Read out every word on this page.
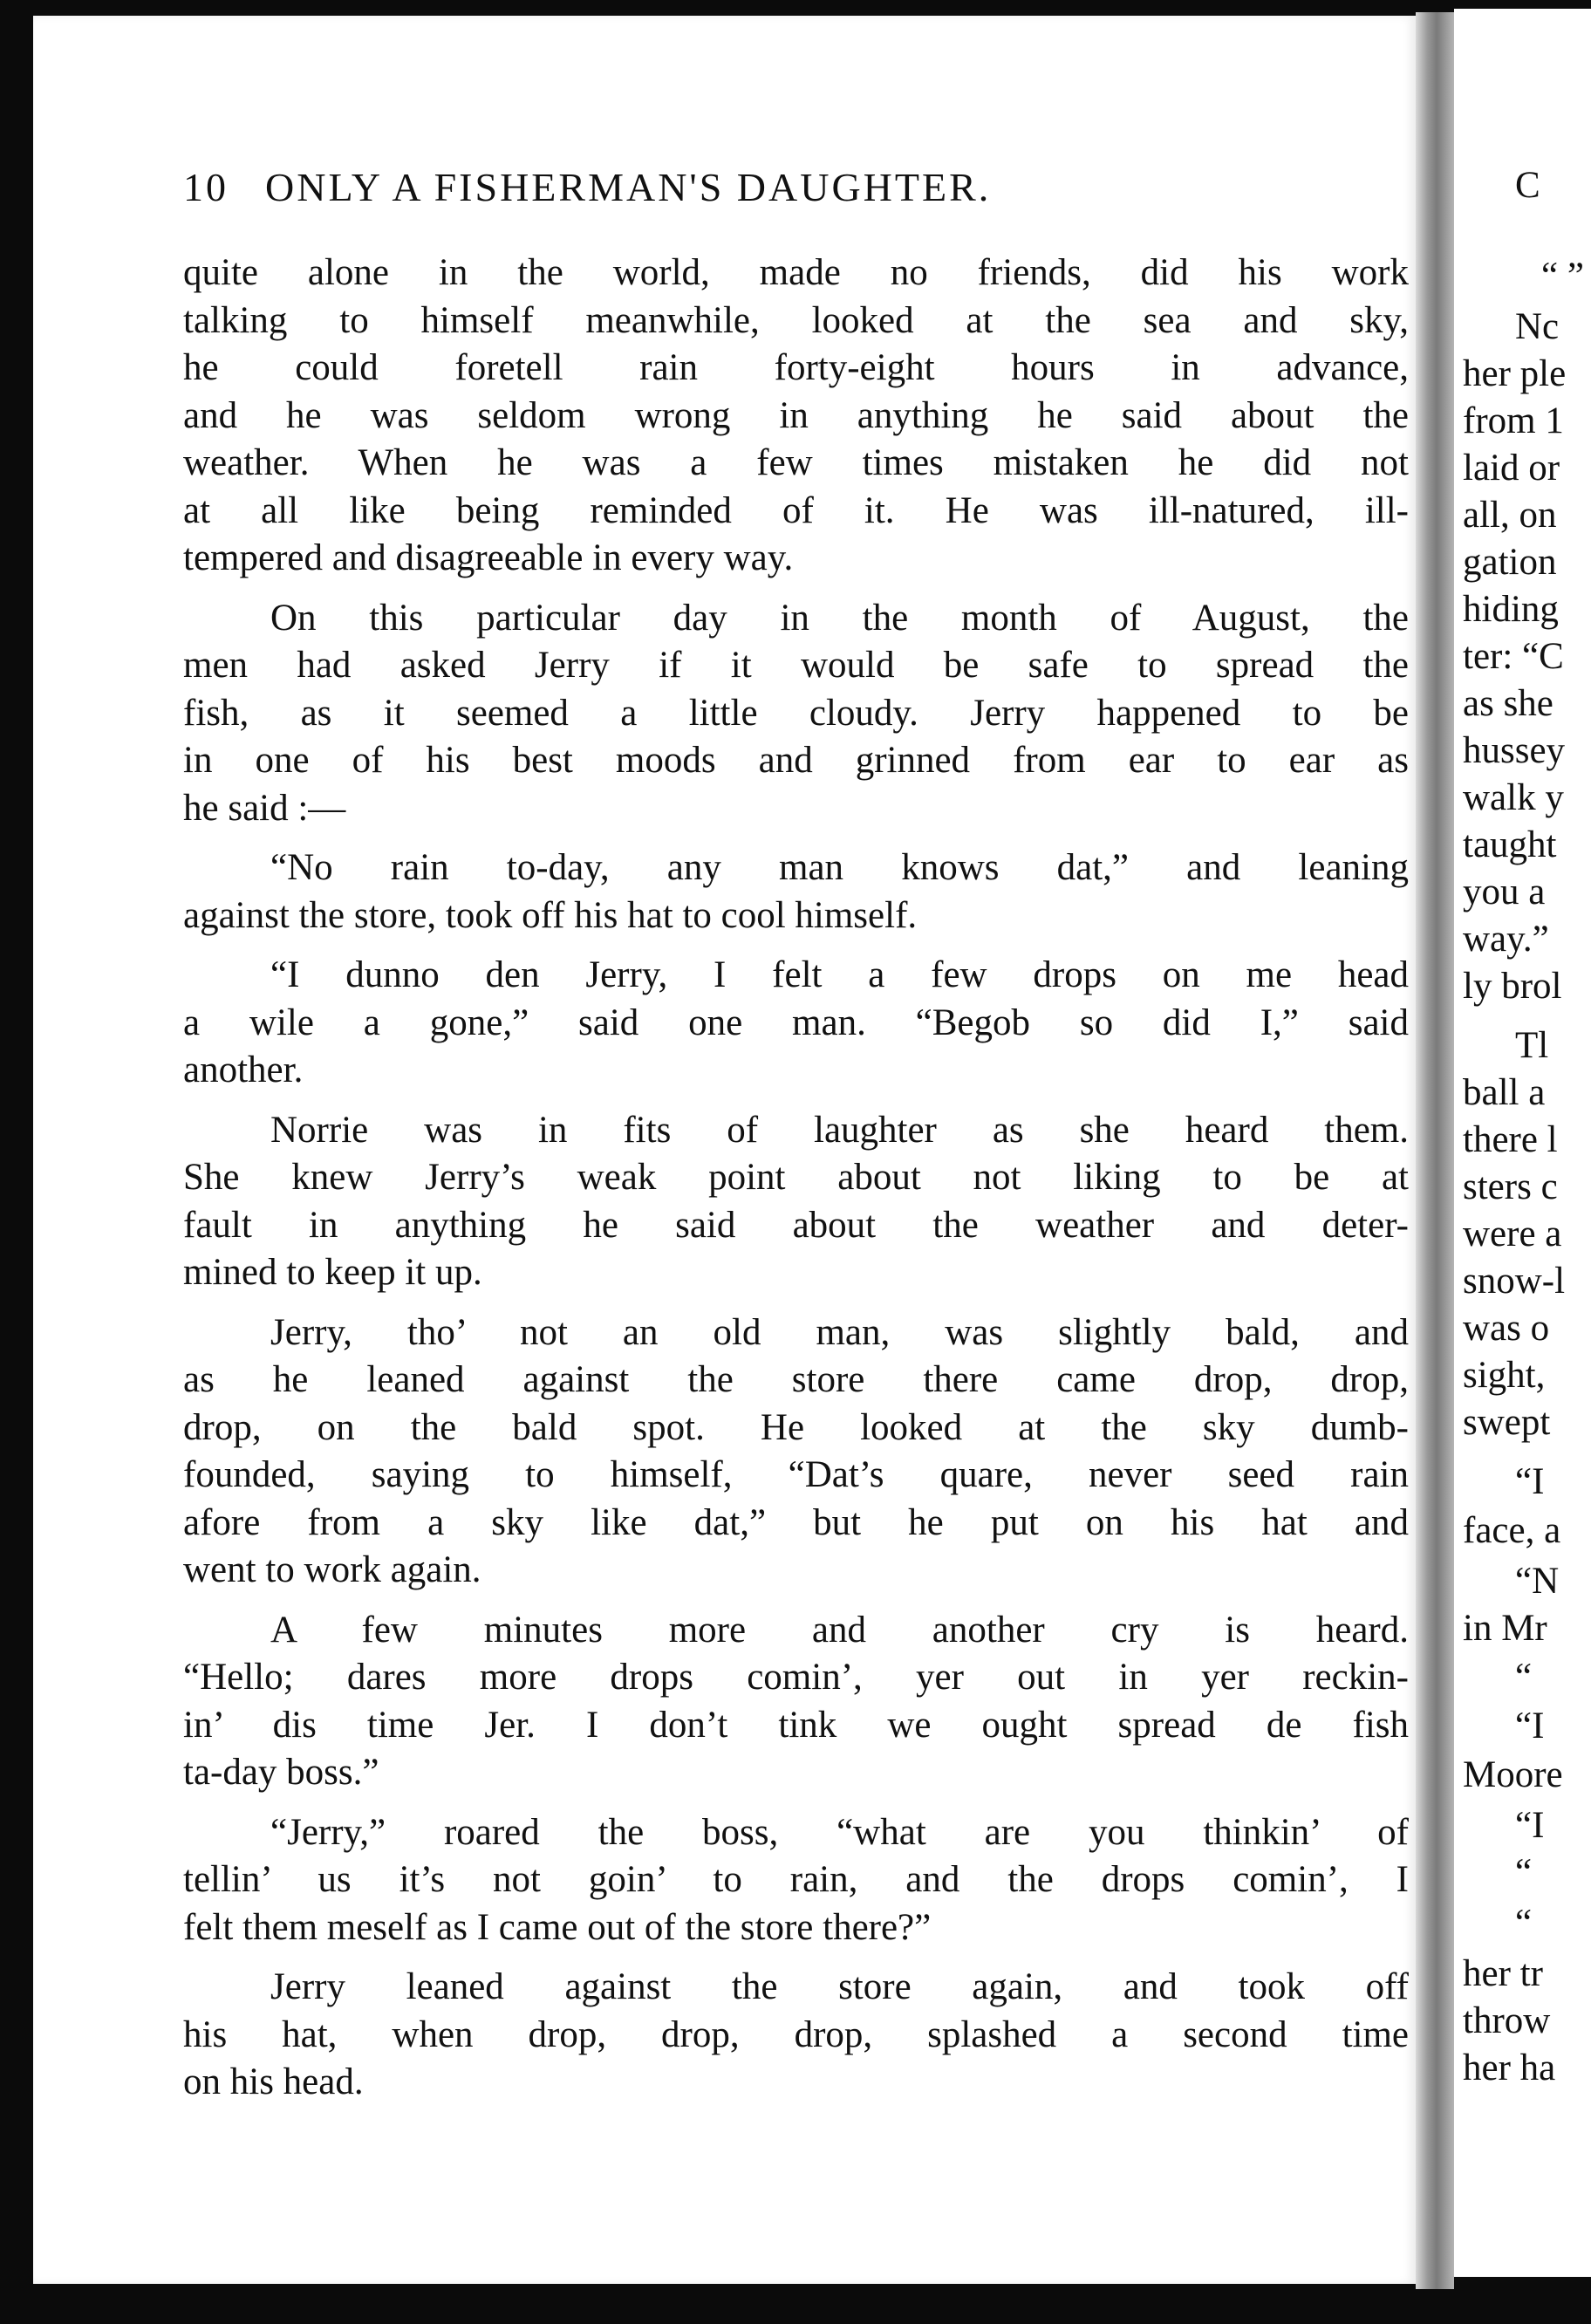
10 ONLY A FISHERMAN'S DAUGHTER.
quite alone in the world, made no friends, did his work
talking to himself meanwhile, looked at the sea and sky,
he could foretell rain forty-eight hours in advance,
and he was seldom wrong in anything he said about the
weather. When he was a few times mistaken he did not
at all like being reminded of it. He was ill-natured, ill-
tempered and disagreeable in every way.
On this particular day in the month of August, the
men had asked Jerry if it would be safe to spread the
fish, as it seemed a little cloudy. Jerry happened to be
in one of his best moods and grinned from ear to ear as
he said :—
“No rain to-day, any man knows dat,” and leaning
against the store, took off his hat to cool himself.
“I dunno den Jerry, I felt a few drops on me head
a wile a gone,” said one man. “Begob so did I,” said
another.
Norrie was in fits of laughter as she heard them.
She knew Jerry’s weak point about not liking to be at
fault in anything he said about the weather and deter-
mined to keep it up.
Jerry, tho’ not an old man, was slightly bald, and
as he leaned against the store there came drop, drop,
drop, on the bald spot. He looked at the sky dumb-
founded, saying to himself, “Dat’s quare, never seed rain
afore from a sky like dat,” but he put on his hat and
went to work again.
A few minutes more and another cry is heard.
“Hello; dares more drops comin’, yer out in yer reckin-
in’ dis time Jer. I don’t tink we ought spread de fish
ta-day boss.”
“Jerry,” roared the boss, “what are you thinkin’ of
tellin’ us it’s not goin’ to rain, and the drops comin’, I
felt them meself as I came out of the store there?”
Jerry leaned against the store again, and took off
his hat, when drop, drop, drop, splashed a second time
on his head.
C
“ ”
Nc
her ple
from 1
laid or
all, on
gation
hiding
ter: “C
as she
hussey
walk y
taught
you a
way.”
ly brol
Tl
ball a
there l
sters c
were a
snow-l
was o
sight,
swept
“I
face, a
“N
in Mr
“
“I
Moore
“I
“
“
her tr
throw
her ha
